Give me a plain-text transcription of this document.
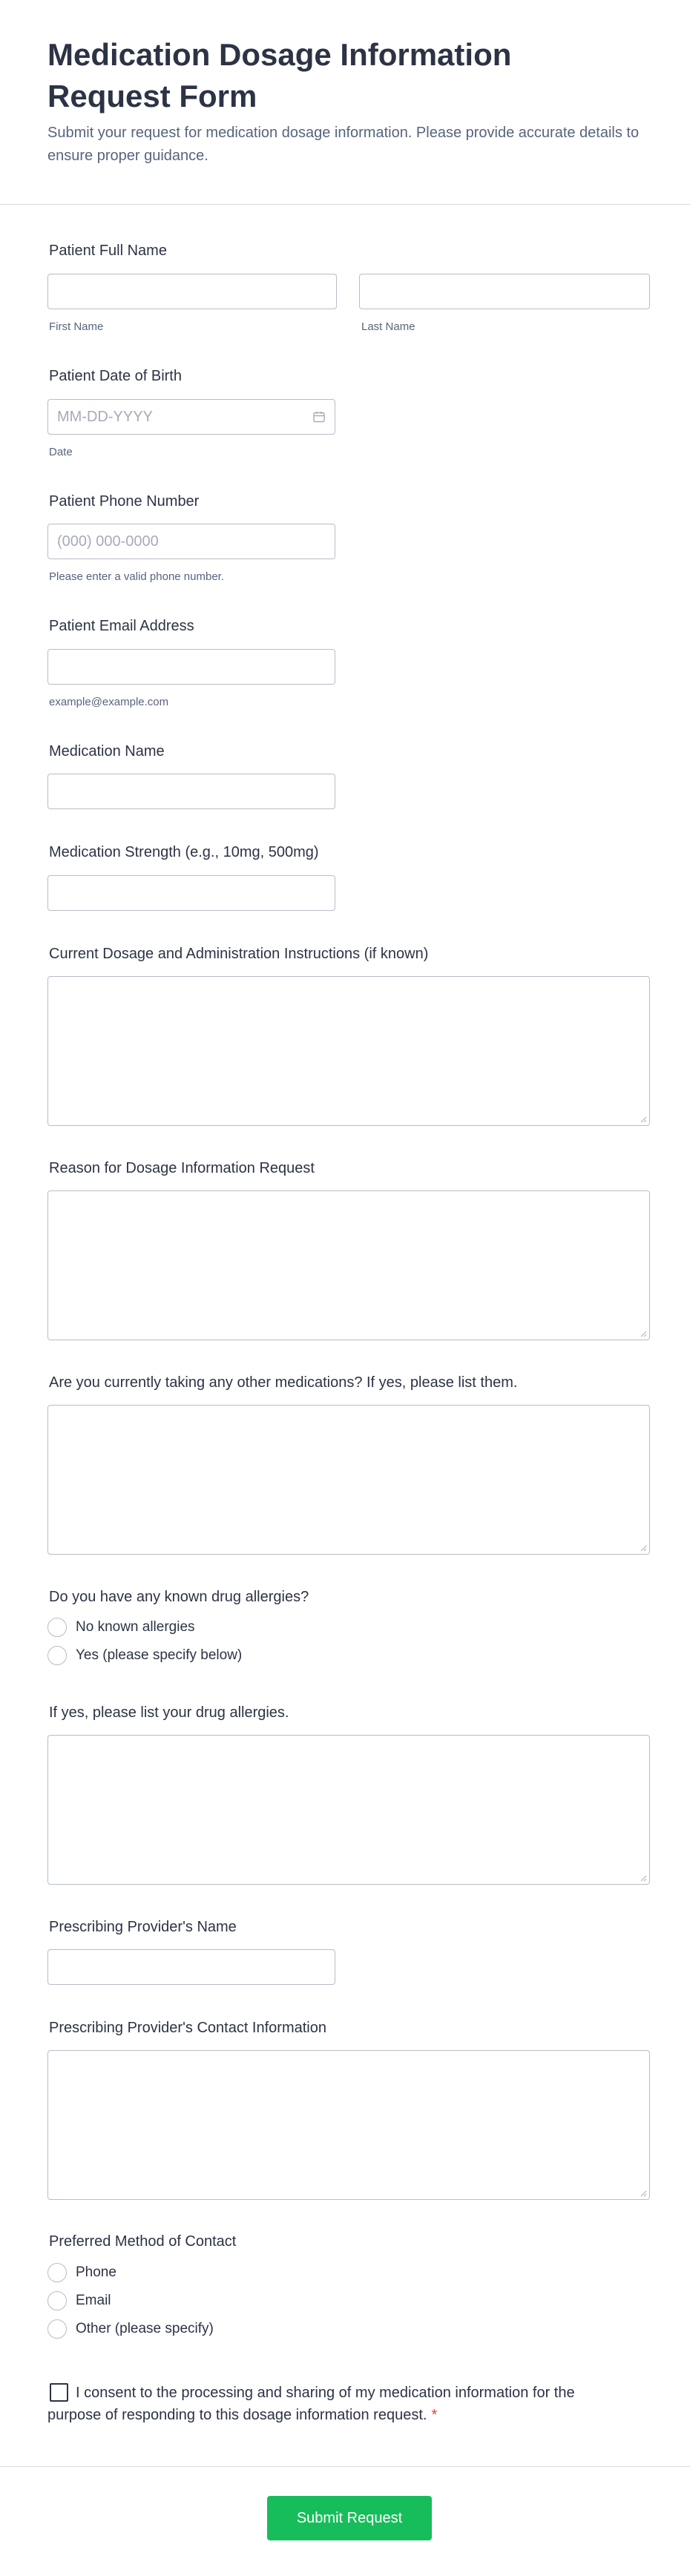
Medication Dosage Information Request Form

Submit your request for medication dosage information. Please provide accurate details to ensure proper guidance.

Patient Full Name
First Name	Last Name
Patient Date of Birth
MM-DD-YYYY
Date
Patient Phone Number
(000) 000-0000
Please enter a valid phone number.
Patient Email Address
example@example.com
Medication Name
Medication Strength (e.g., 10mg, 500mg)
Current Dosage and Administration Instructions (if known)
Reason for Dosage Information Request
Are you currently taking any other medications? If yes, please list them.
Do you have any known drug allergies?
No known allergies
Yes (please specify below)
If yes, please list your drug allergies.
Prescribing Provider's Name
Prescribing Provider's Contact Information
Preferred Method of Contact
Phone
Email
Other (please specify)
I consent to the processing and sharing of my medication information for the purpose of responding to this dosage information request. *
Submit Request
